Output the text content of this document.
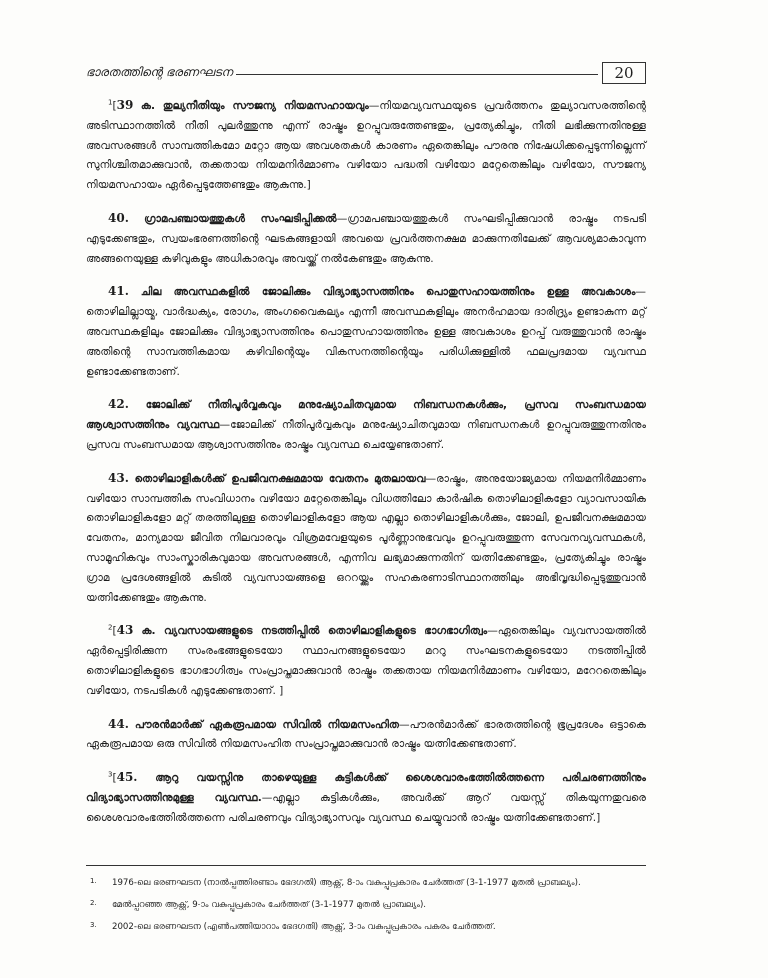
ഭാരതത്തിന്റെ ഭരണഘടന	20

$^1$[39 ക. തുല്യനീതിയും സൗജന്യ നിയമസഹായവും—നിയമവ്യവസ്ഥയുടെ പ്രവർത്തനം തുല്യാവസരത്തിന്റെ അടിസ്ഥാനത്തിൽ നീതി പുലർത്തുന്നു എന്ന് രാഷ്ട്രം ഉറപ്പുവരുത്തേണ്ടതും, പ്രത്യേകിച്ചും, നീതി ലഭിക്കുന്നതിനുള്ള അവസരങ്ങൾ സാമ്പത്തികമോ മറ്റോ ആയ അവശതകൾ കാരണം ഏതെങ്കിലും പൗരനു നിഷേധിക്കപ്പെടുന്നില്ലെന്ന് സുനിശ്ചിതമാക്കുവാൻ, തക്കതായ നിയമനിർമ്മാണം വഴിയോ പദ്ധതി വഴിയോ മറ്റേതെങ്കിലും വഴിയോ, സൗജന്യ നിയമസഹായം ഏർപ്പെടുത്തേണ്ടതും ആകുന്നു.]

40. ഗ്രാമപഞ്ചായത്തുകൾ സംഘടിപ്പിക്കൽ—ഗ്രാമപഞ്ചായത്തുകൾ സംഘടിപ്പിക്കുവാൻ രാഷ്ട്രം നടപടി എടുക്കേണ്ടതും, സ്വയംഭരണത്തിന്റെ ഘടകങ്ങളായി അവയെ പ്രവർത്തനക്ഷമ മാക്കുന്നതിലേക്ക് ആവശ്യമാകാവുന്ന അങ്ങനെയുള്ള കഴിവുകളും അധികാരവും അവയ്ക്ക് നൽകേണ്ടതും ആകുന്നു.

41. ചില അവസ്ഥകളിൽ ജോലിക്കും വിദ്യാഭ്യാസത്തിനും പൊതുസഹായത്തിനും ഉള്ള അവകാശം—തൊഴിലില്ലായ്മ, വാർദ്ധക്യം, രോഗം, അംഗവൈകല്യം എന്നീ അവസ്ഥകളിലും അനർഹമായ ദാരിദ്ര്യം ഉണ്ടാകുന്ന മറ്റ് അവസ്ഥകളിലും ജോലിക്കും വിദ്യാഭ്യാസത്തിനും പൊതുസഹായത്തിനും ഉള്ള അവകാശം ഉറപ്പ് വരുത്തുവാൻ രാഷ്ട്രം അതിന്റെ സാമ്പത്തികമായ കഴിവിന്റെയും വികസനത്തിന്റെയും പരിധിക്കുള്ളിൽ ഫലപ്രദമായ വ്യവസ്ഥ ഉണ്ടാക്കേണ്ടതാണ്.

42. ജോലിക്ക് നീതിപൂർവ്വകവും മനുഷ്യോചിതവുമായ നിബന്ധനകൾക്കും, പ്രസവ സംബന്ധമായ ആശ്വാസത്തിനും വ്യവസ്ഥ—ജോലിക്ക് നീതിപൂർവ്വകവും മനുഷ്യോചിതവുമായ നിബന്ധനകൾ ഉറപ്പുവരുത്തുന്നതിനും പ്രസവ സംബന്ധമായ ആശ്വാസത്തിനും രാഷ്ട്രം വ്യവസ്ഥ ചെയ്യേണ്ടതാണ്.

43. തൊഴിലാളികൾക്ക് ഉപജീവനക്ഷമമായ വേതനം മുതലായവ—രാഷ്ട്രം, അനുയോജ്യമായ നിയമനിർമ്മാണം വഴിയോ സാമ്പത്തിക സംവിധാനം വഴിയോ മറ്റേതെങ്കിലും വിധത്തിലോ കാർഷിക തൊഴിലാളികളോ വ്യാവസായിക തൊഴിലാളികളോ മറ്റ് തരത്തിലുള്ള തൊഴിലാളികളോ ആയ എല്ലാ തൊഴിലാളികൾക്കും, ജോലി, ഉപജീവനക്ഷമമായ വേതനം, മാന്യമായ ജീവിത നിലവാരവും വിശ്രമവേളയുടെ പൂർണ്ണാനുഭവവും ഉറപ്പുവരുത്തുന്ന സേവനവ്യവസ്ഥകൾ, സാമൂഹികവും സാംസ്കാരികവുമായ അവസരങ്ങൾ, എന്നിവ ലഭ്യമാക്കുന്നതിന് യത്നിക്കേണ്ടതും, പ്രത്യേകിച്ചും രാഷ്ട്രം ഗ്രാമ പ്രദേശങ്ങളിൽ കുടിൽ വ്യവസായങ്ങളെ ഒററയ്ക്കും സഹകരണാടിസ്ഥാനത്തിലും അഭിവൃദ്ധിപ്പെടുത്തുവാൻ യത്നിക്കേണ്ടതും ആകുന്നു.

$^2$[43 ക. വ്യവസായങ്ങളുടെ നടത്തിപ്പിൽ തൊഴിലാളികളുടെ ഭാഗഭാഗിത്വം—ഏതെങ്കിലും വ്യവസായത്തിൽ ഏർപ്പെട്ടിരിക്കുന്ന സംരംഭങ്ങളുടെയോ സ്ഥാപനങ്ങളുടെയോ മററു സംഘടനകളുടെയോ നടത്തിപ്പിൽ തൊഴിലാളികളുടെ ഭാഗഭാഗിത്വം സംപ്രാപ്തമാക്കുവാൻ രാഷ്ട്രം തക്കതായ നിയമനിർമ്മാണം വഴിയോ, മറേറതെങ്കിലും വഴിയോ, നടപടികൾ എടുക്കേണ്ടതാണ്. ]

44. പൗരൻമാർക്ക് ഏകരൂപമായ സിവിൽ നിയമസംഹിത—പൗരൻമാർക്ക് ഭാരതത്തിന്റെ ഭൂപ്രദേശം ഒട്ടാകെ ഏകരൂപമായ ഒരു സിവിൽ നിയമസംഹിത സംപ്രാപ്തമാക്കുവാൻ രാഷ്ട്രം യത്നിക്കേണ്ടതാണ്.

$^3$[45. ആറു വയസ്സിനു താഴെയുള്ള കുട്ടികൾക്ക് ശൈശവാരംഭത്തിൽത്തന്നെ പരിചരണത്തിനും വിദ്യാഭ്യാസത്തിനുമുള്ള വ്യവസ്ഥ.—എല്ലാ കുട്ടികൾക്കും, അവർക്ക് ആറ് വയസ്സ് തികയുന്നതുവരെ ശൈശവാരംഭത്തിൽത്തന്നെ പരിചരണവും വിദ്യാഭ്യാസവും വ്യവസ്ഥ ചെയ്യുവാൻ രാഷ്ട്രം യത്നിക്കേണ്ടതാണ്.]

1. 1976-ലെ ഭരണഘടന (നാൽപ്പത്തിരണ്ടാം ഭേദഗതി) ആക്റ്റ്, 8-ാം വകുപ്പുപ്രകാരം ചേർത്തത് (3-1-1977 മുതൽ പ്രാബല്യം).
2. മേൽപ്പറഞ്ഞ ആക്റ്റ്, 9-ാം വകുപ്പുപ്രകാരം ചേർത്തത് (3-1-1977 മുതൽ പ്രാബല്യം).
3. 2002-ലെ ഭരണഘടന (എൺപത്തിയാറാം ഭേദഗതി) ആക്റ്റ്, 3-ാം വകുപ്പുപ്രകാരം പകരം ചേർത്തത്.
